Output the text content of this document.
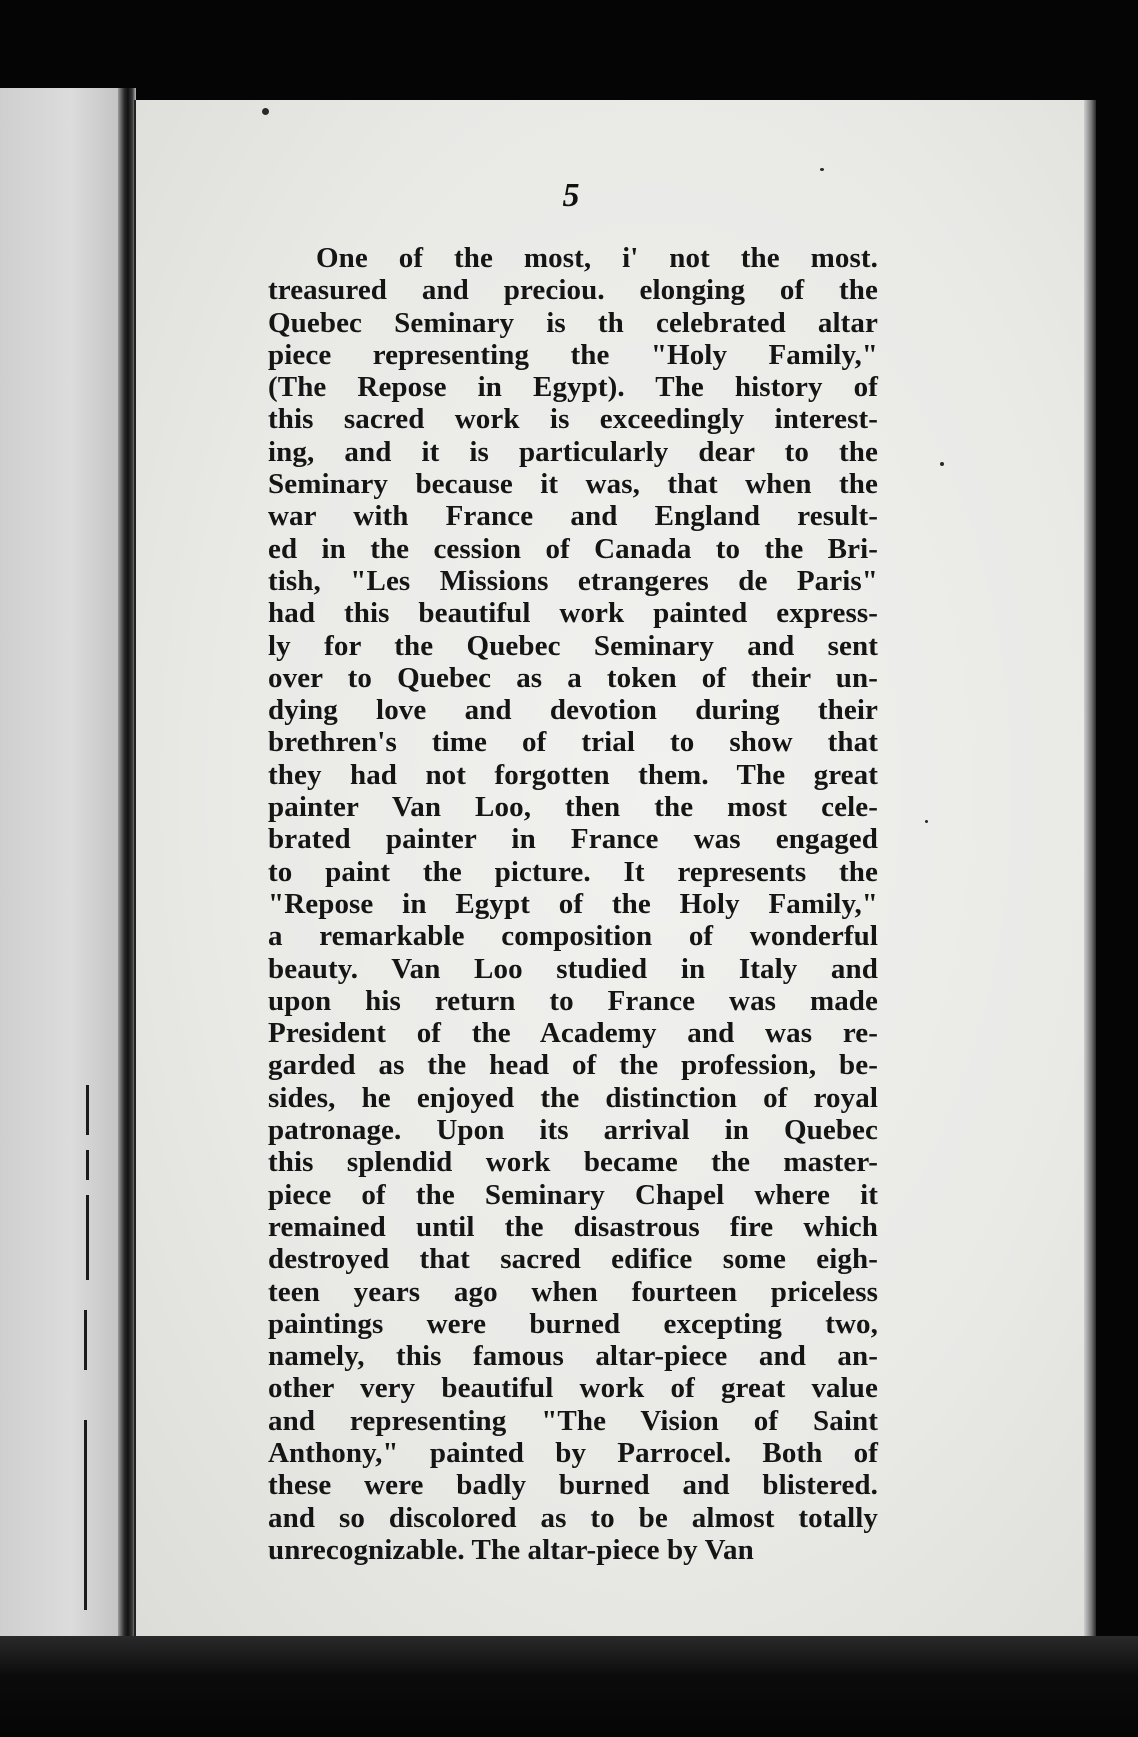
5
One of the most, i' not the most.
treasured and preciou. elonging of the
Quebec Seminary is th celebrated altar
piece representing the "Holy Family,"
(The Repose in Egypt). The history of
this sacred work is exceedingly interest-
ing, and it is particularly dear to the
Seminary because it was, that when the
war with France and England result-
ed in the cession of Canada to the Bri-
tish, "Les Missions etrangeres de Paris"
had this beautiful work painted express-
ly for the Quebec Seminary and sent
over to Quebec as a token of their un-
dying love and devotion during their
brethren's time of trial to show that
they had not forgotten them. The great
painter Van Loo, then the most cele-
brated painter in France was engaged
to paint the picture. It represents the
"Repose in Egypt of the Holy Family,"
a remarkable composition of wonderful
beauty. Van Loo studied in Italy and
upon his return to France was made
President of the Academy and was re-
garded as the head of the profession, be-
sides, he enjoyed the distinction of royal
patronage. Upon its arrival in Quebec
this splendid work became the master-
piece of the Seminary Chapel where it
remained until the disastrous fire which
destroyed that sacred edifice some eigh-
teen years ago when fourteen priceless
paintings were burned excepting two,
namely, this famous altar-piece and an-
other very beautiful work of great value
and representing "The Vision of Saint
Anthony," painted by Parrocel. Both of
these were badly burned and blistered.
and so discolored as to be almost totally
unrecognizable. The altar-piece by Van
